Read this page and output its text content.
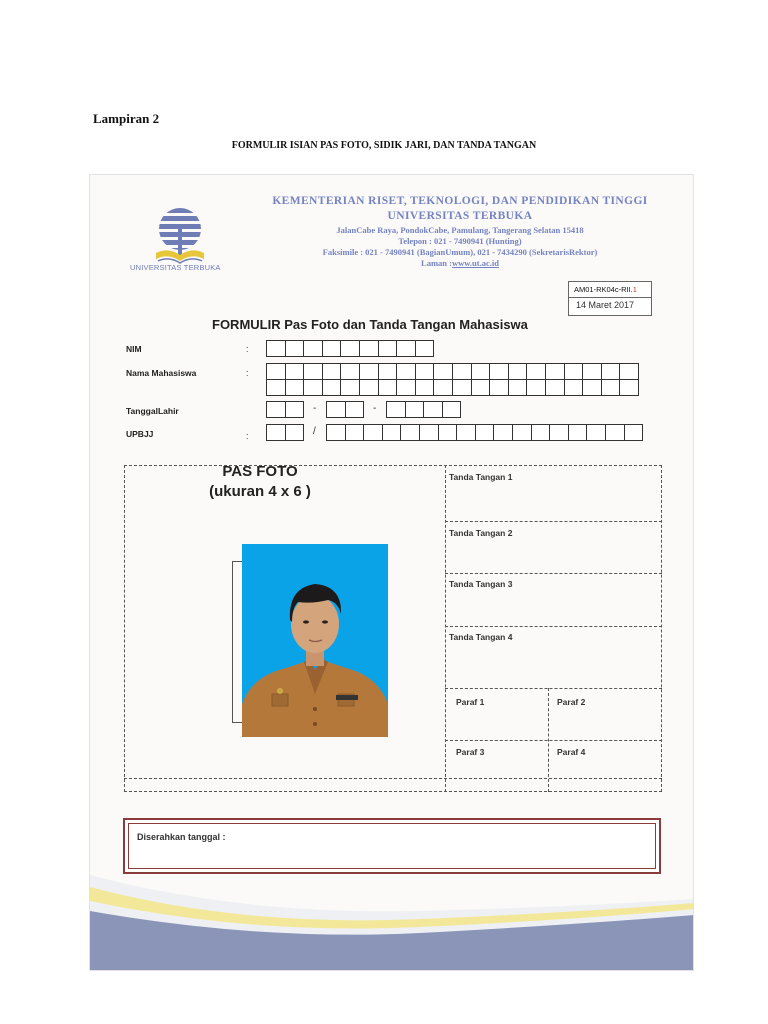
Lampiran 2
FORMULIR ISIAN PAS FOTO, SIDIK JARI, DAN TANDA TANGAN
UNIVERSITAS TERBUKA
KEMENTERIAN RISET, TEKNOLOGI, DAN PENDIDIKAN TINGGI
UNIVERSITAS TERBUKA
JalanCabe Raya, PondokCabe, Pamulang, Tangerang Selatan 15418
Telepon : 021 - 7490941 (Hunting)
Faksimile : 021 - 7490941 (BagianUmum), 021 - 7434290 (SekretarisRektor)
Laman :www.ut.ac.id
AM01-RK04c-RII.1
14 Maret 2017
FORMULIR Pas Foto dan Tanda Tangan Mahasiswa
NIM	:
Nama Mahasiswa	:
TanggalLahir	-	-
UPBJJ	:	/
PAS FOTO
(ukuran 4 x 6 )
Tanda Tangan 1
Tanda Tangan 2
Tanda Tangan 3
Tanda Tangan 4
Paraf 1	Paraf 2
Paraf 3	Paraf 4
Diserahkan tanggal :
